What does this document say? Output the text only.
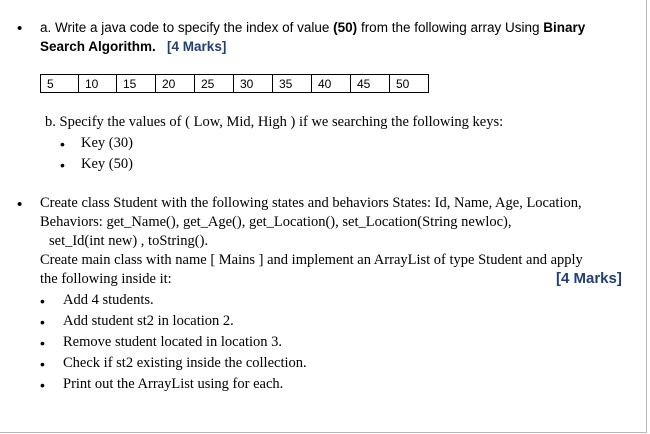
• a. Write a java code to specify the index of value (50) from the following array Using Binary
Search Algorithm. [4 Marks]
5	10	15	20	25	30	35	40	45	50
b. Specify the values of ( Low, Mid, High ) if we searching the following keys:
• Key (30)
• Key (50)
• Create class Student with the following states and behaviors States: Id, Name, Age, Location,
Behaviors: get_Name(), get_Age(), get_Location(), set_Location(String newloc),
set_Id(int new) , toString().
Create main class with name [ Mains ] and implement an ArrayList of type Student and apply
the following inside it:	[4 Marks]
• Add 4 students.
• Add student st2 in location 2.
• Remove student located in location 3.
• Check if st2 existing inside the collection.
• Print out the ArrayList using for each.
